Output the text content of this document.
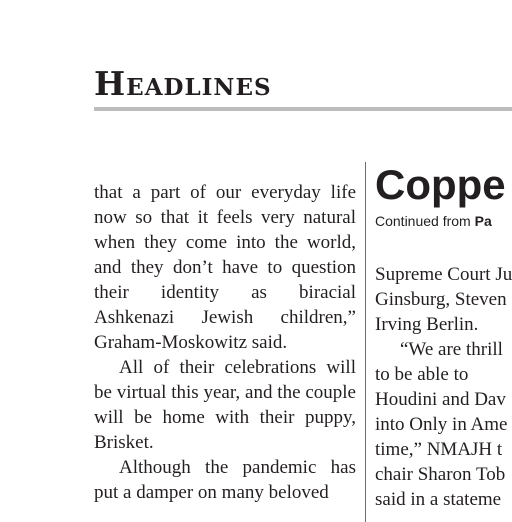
Headlines

that a part of our everyday life now so that it feels very natural when they come into the world, and they don’t have to question their identity as biracial Ashkenazi Jewish children,” Graham-Moskowitz said.

All of their celebrations will be virtual this year, and the couple will be home with their puppy, Brisket.

Although the pandemic has put a damper on many beloved

Coppe

Continued from Pa

Supreme Court Ju

Ginsburg, Steven

Irving Berlin.

“We are thrill

to be able to

Houdini and Dav

into Only in Ame

time,” NMAJH t

chair Sharon Tob

said in a stateme
